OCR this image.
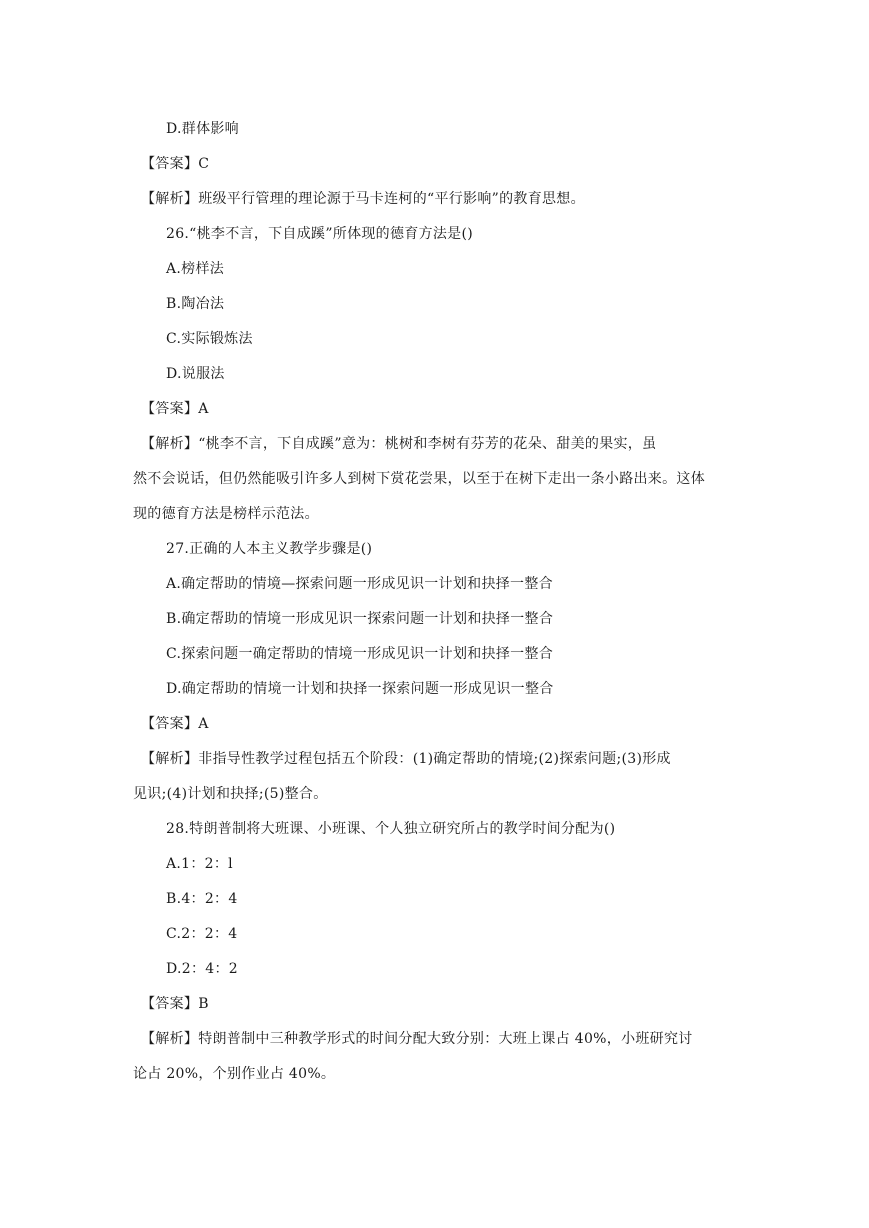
D.群体影响
【答案】C
【解析】班级平行管理的理论源于马卡连柯的“平行影响”的教育思想。
26.“桃李不言，下自成蹊”所体现的德育方法是()
A.榜样法
B.陶冶法
C.实际锻炼法
D.说服法
【答案】A
【解析】“桃李不言，下自成蹊”意为：桃树和李树有芬芳的花朵、甜美的果实，虽
然不会说话，但仍然能吸引许多人到树下赏花尝果，以至于在树下走出一条小路出来。这体
现的德育方法是榜样示范法。
27.正确的人本主义教学步骤是()
A.确定帮助的情境—探索问题一形成见识一计划和抉择一整合
B.确定帮助的情境一形成见识一探索问题一计划和抉择一整合
C.探索问题一确定帮助的情境一形成见识一计划和抉择一整合
D.确定帮助的情境一计划和抉择一探索问题一形成见识一整合
【答案】A
【解析】非指导性教学过程包括五个阶段：(1)确定帮助的情境;(2)探索问题;(3)形成
见识;(4)计划和抉择;(5)整合。
28.特朗普制将大班课、小班课、个人独立研究所占的教学时间分配为()
A.1：2：l
B.4：2：4
C.2：2：4
D.2：4：2
【答案】B
【解析】特朗普制中三种教学形式的时间分配大致分别：大班上课占 40%，小班研究讨
论占 20%，个别作业占 40%。
